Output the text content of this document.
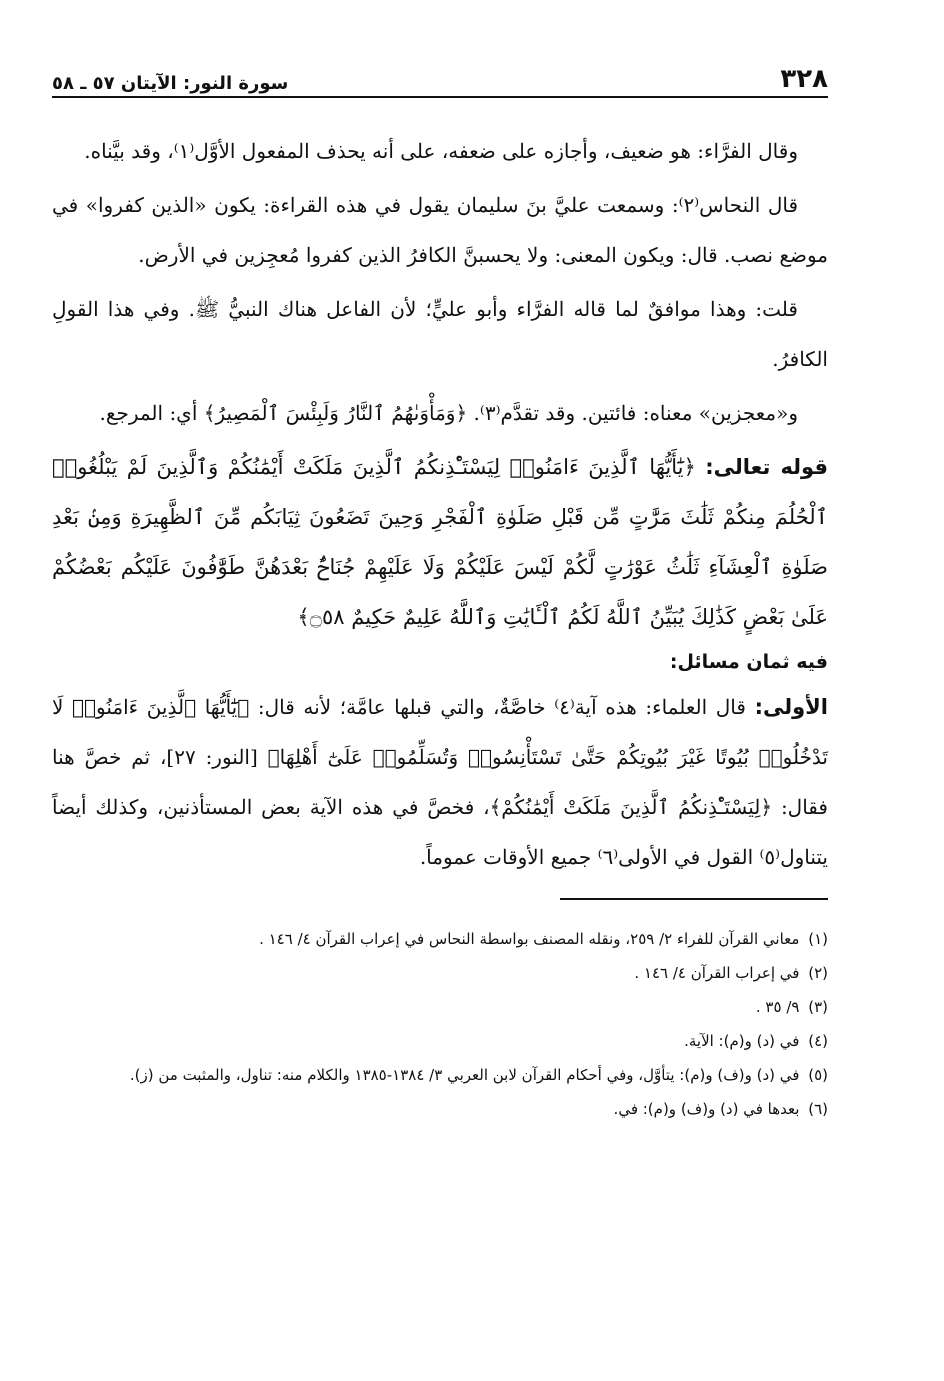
٣٢٨
سورة النور: الآيتان ٥٧ ـ ٥٨

وقال الفرَّاء: هو ضعيف، وأجازه على ضعفه، على أنه يحذف المفعول الأوَّل⁽١⁾، وقد بيَّناه.

قال النحاس⁽٢⁾: وسمعت عليَّ بنَ سليمان يقول في هذه القراءة: يكون «الذين كفروا» في موضع نصب. قال: ويكون المعنى: ولا يحسبنَّ الكافرُ الذين كفروا مُعجِزين في الأرض.

قلت: وهذا موافقٌ لما قاله الفرَّاء وأبو عليٍّ؛ لأن الفاعل هناك النبيُّ ﷺ. وفي هذا القولِ الكافرُ.

و«معجزين» معناه: فائتين. وقد تقدَّم⁽٣⁾. ﴿وَمَأْوَىٰهُمُ ٱلنَّارُ وَلَبِئْسَ ٱلْمَصِيرُ﴾ أي: المرجع.

قوله تعالى: ﴿يَٰٓأَيُّهَا ٱلَّذِينَ ءَامَنُوا۟ لِيَسْتَـْٔذِنكُمُ ٱلَّذِينَ مَلَكَتْ أَيْمَٰنُكُمْ وَٱلَّذِينَ لَمْ يَبْلُغُوا۟ ٱلْحُلُمَ مِنكُمْ ثَلَٰثَ مَرَّٰتٍ مِّن قَبْلِ صَلَوٰةِ ٱلْفَجْرِ وَحِينَ تَضَعُونَ ثِيَابَكُم مِّنَ ٱلظَّهِيرَةِ وَمِنۢ بَعْدِ صَلَوٰةِ ٱلْعِشَآءِ ثَلَٰثُ عَوْرَٰتٍ لَّكُمْ لَيْسَ عَلَيْكُمْ وَلَا عَلَيْهِمْ جُنَاحٌۢ بَعْدَهُنَّ طَوَّٰفُونَ عَلَيْكُم بَعْضُكُمْ عَلَىٰ بَعْضٍ كَذَٰلِكَ يُبَيِّنُ ٱللَّهُ لَكُمُ ٱلْـَٔايَٰتِ وَٱللَّهُ عَلِيمٌ حَكِيمٌ ۝٥٨﴾

فيه ثمان مسائل:

الأولى: قال العلماء: هذه آية⁽٤⁾ خاصَّةٌ، والتي قبلها عامَّة؛ لأنه قال: ﴿يَٰٓأَيُّهَا ٱلَّذِينَ ءَامَنُوا۟ لَا تَدْخُلُوا۟ بُيُوتًا غَيْرَ بُيُوتِكُمْ حَتَّىٰ تَسْتَأْنِسُوا۟ وَتُسَلِّمُوا۟ عَلَىٰٓ أَهْلِهَا﴾ [النور: ٢٧]، ثم خصَّ هنا فقال: ﴿لِيَسْتَـْٔذِنكُمُ ٱلَّذِينَ مَلَكَتْ أَيْمَٰنُكُمْ﴾، فخصَّ في هذه الآية بعض المستأذنين، وكذلك أيضاً يتناول⁽٥⁾ القول في الأولى⁽٦⁾ جميع الأوقات عموماً.

(١) معاني القرآن للفراء ٢/ ٢٥٩، ونقله المصنف بواسطة النحاس في إعراب القرآن ٤/ ١٤٦ .

(٢) في إعراب القرآن ٤/ ١٤٦ .

(٣) ٩/ ٣٥ .

(٤) في (د) و(م): الآية.

(٥) في (د) و(ف) و(م): يتأوَّل، وفي أحكام القرآن لابن العربي ٣/ ١٣٨٤-١٣٨٥ والكلام منه: تناول، والمثبت من (ز).

(٦) بعدها في (د) و(ف) و(م): في.
